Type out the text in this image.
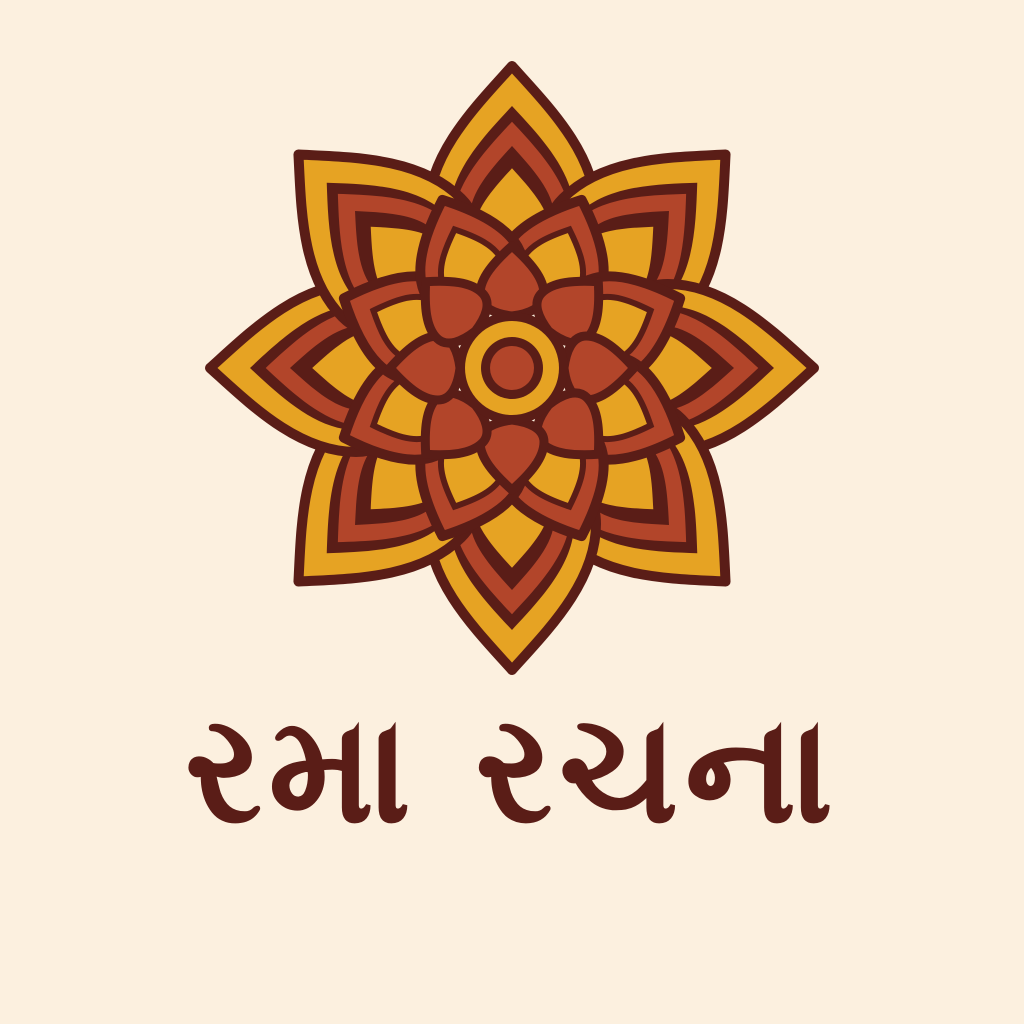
રમા રચના
